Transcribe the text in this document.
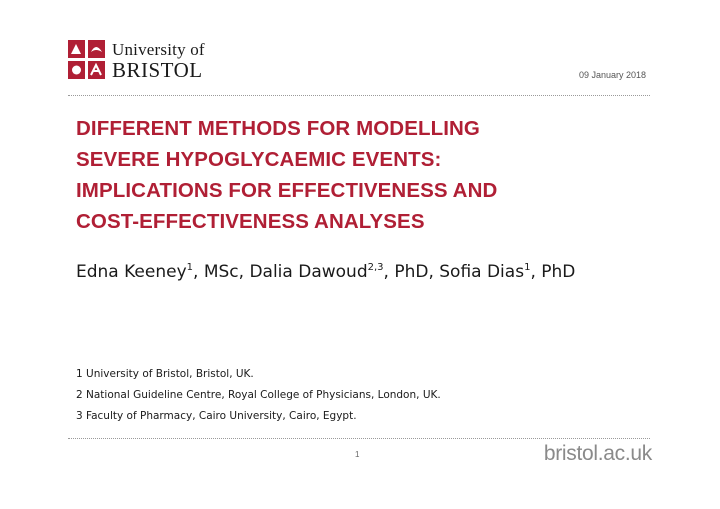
University of
BRISTOL	09 January 2018
DIFFERENT METHODS FOR MODELLING
SEVERE HYPOGLYCAEMIC EVENTS:
IMPLICATIONS FOR EFFECTIVENESS AND
COST-EFFECTIVENESS ANALYSES

Edna Keeney$^1$, MSc, Dalia Dawoud$^{2,3}$, PhD, Sofia Dias$^1$, PhD

1 University of Bristol, Bristol, UK.
2 National Guideline Centre, Royal College of Physicians, London, UK.
3 Faculty of Pharmacy, Cairo University, Cairo, Egypt.
1	bristol.ac.uk
